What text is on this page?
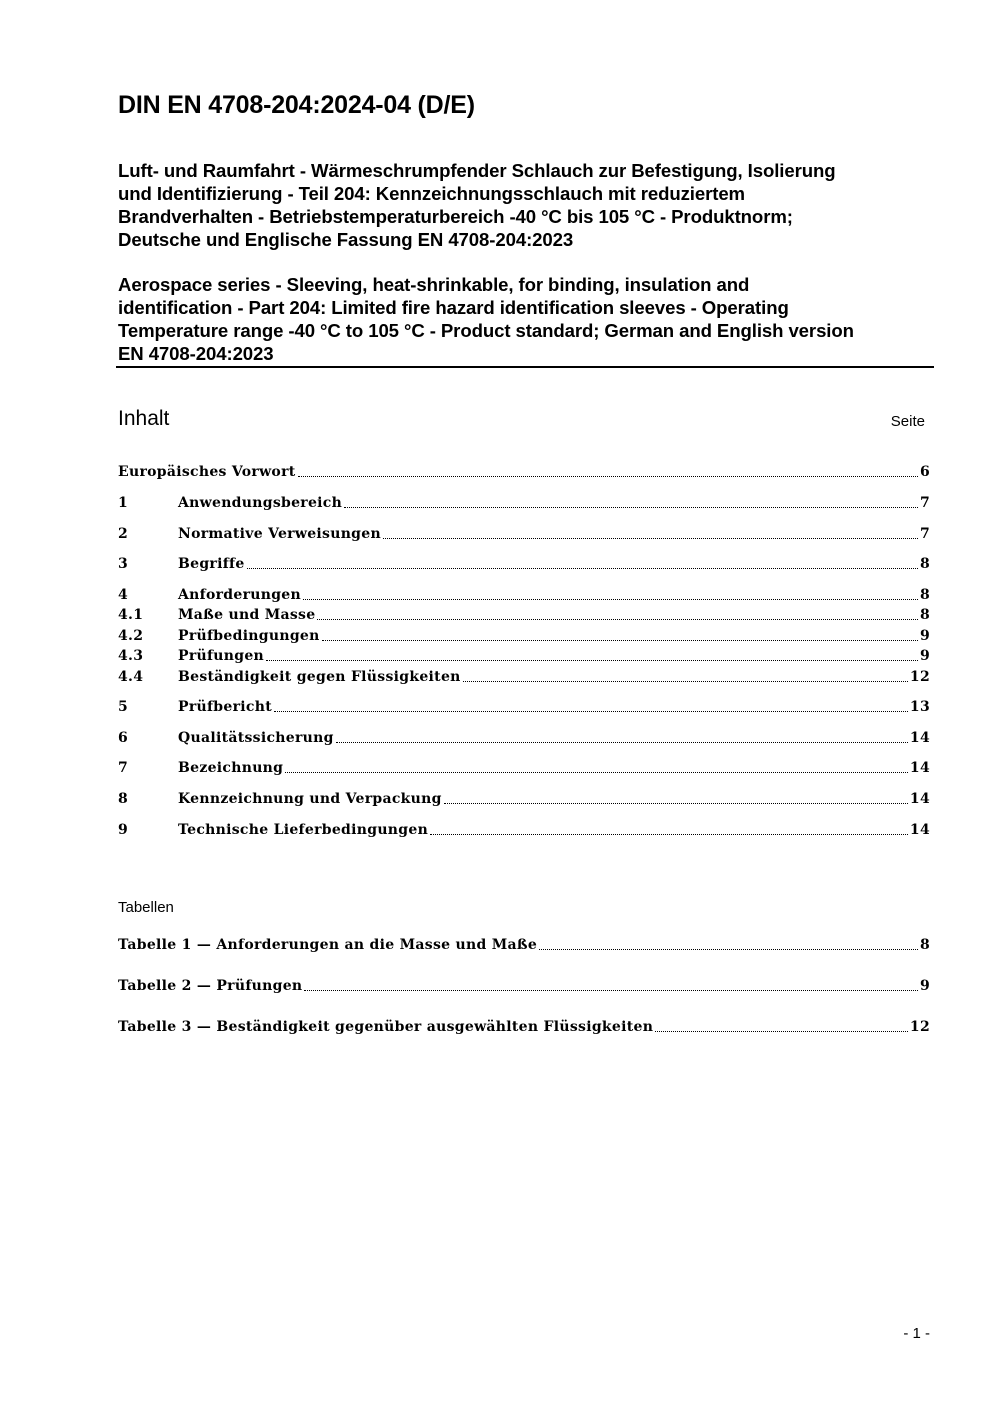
DIN EN 4708-204:2024-04 (D/E)
Luft- und Raumfahrt - Wärmeschrumpfender Schlauch zur Befestigung, Isolierung
und Identifizierung - Teil 204: Kennzeichnungsschlauch mit reduziertem
Brandverhalten - Betriebstemperaturbereich -40 °C bis 105 °C - Produktnorm;
Deutsche und Englische Fassung EN 4708-204:2023
Aerospace series - Sleeving, heat-shrinkable, for binding, insulation and
identification - Part 204: Limited fire hazard identification sleeves - Operating
Temperature range -40 °C to 105 °C - Product standard; German and English version
EN 4708-204:2023
Inhalt	Seite
Europäisches Vorwort	6
1	Anwendungsbereich	7
2	Normative Verweisungen	7
3	Begriffe	8
4	Anforderungen	8
4.1	Maße und Masse	8
4.2	Prüfbedingungen	9
4.3	Prüfungen	9
4.4	Beständigkeit gegen Flüssigkeiten	12
5	Prüfbericht	13
6	Qualitätssicherung	14
7	Bezeichnung	14
8	Kennzeichnung und Verpackung	14
9	Technische Lieferbedingungen	14
Tabellen
Tabelle 1 — Anforderungen an die Masse und Maße	8
Tabelle 2 — Prüfungen	9
Tabelle 3 — Beständigkeit gegenüber ausgewählten Flüssigkeiten	12
- 1 -
